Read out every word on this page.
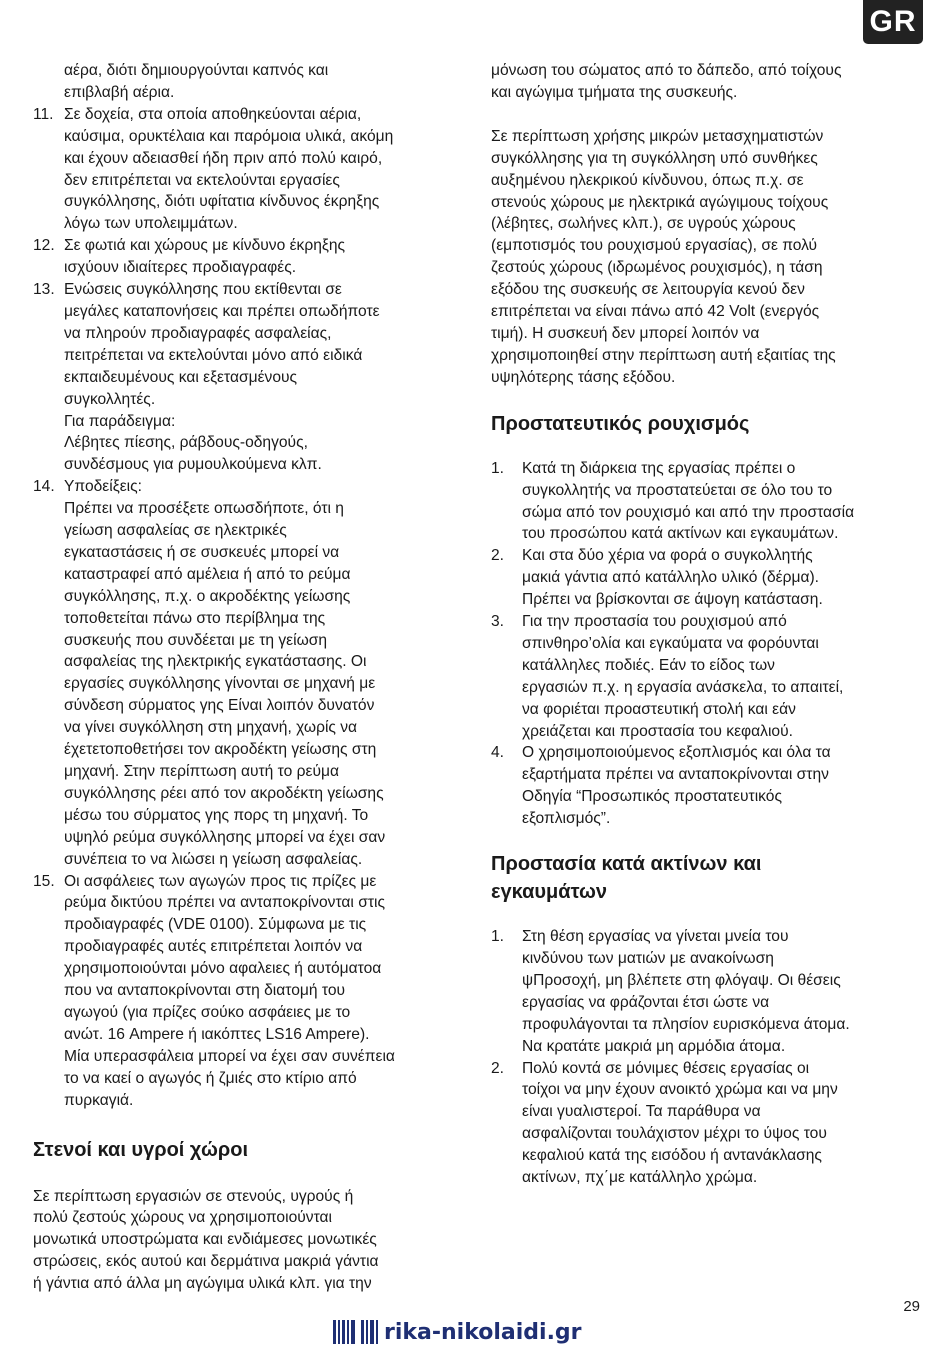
GR
αέρα, διότι δημιουργούνται καπνός και
επιβλαβή αέρια.
11. Σε δοχεία, στα οποία αποθηκεύονται αέρια,
καύσιμα, ορυκτέλαια και παρόμοια υλικά, ακόμη
και έχουν αδειασθεί ήδη πριν από πολύ καιρό,
δεν επιτρέπεται να εκτελούνται εργασίες
συγκόλλησης, διότι υφίτατια κίνδυνος έκρηξης
λόγω των υπολειμμάτων.
12. Σε φωτιά και χώρους με κίνδυνο έκρηξης
ισχύουν ιδιαίτερες προδιαγραφές.
13. Ενώσεις συγκόλλησης που εκτίθενται σε
μεγάλες καταπονήσεις και πρέπει οπωδήποτε
να πληρούν προδιαγραφές ασφαλείας,
πειτρέπεται να εκτελούνται μόνο από ειδικά
εκπαιδευμένους και εξετασμένους
συγκολλητές.
Για παράδειγμα:
Λέβητες πίεσης, ράβδους-οδηγούς,
συνδέσμους για ρυμουλκούμενα κλπ.
14. Υποδείξεις:
Πρέπει να προσέξετε οπωσδήποτε, ότι η
γείωση ασφαλείας σε ηλεκτρικές
εγκαταστάσεις ή σε συσκευές μπορεί να
καταστραφεί από αμέλεια ή από το ρεύμα
συγκόλλησης, π.χ. ο ακροδέκτης γείωσης
τοποθετείται πάνω στο περίβλημα της
συσκευής που συνδέεται με τη γείωση
ασφαλείας της ηλεκτρικής εγκατάστασης. Οι
εργασίες συγκόλλησης γίνονται σε μηχανή με
σύνδεση σύρματος γης Είναι λοιπόν δυνατόν
να γίνει συγκόλληση στη μηχανή, χωρίς να
έχετετοποθετήσει τον ακροδέκτη γείωσης στη
μηχανή. Στην περίπτωση αυτή το ρεύμα
συγκόλλησης ρέει από τον ακροδέκτη γείωσης
μέσω του σύρματος γης πορς τη μηχανή. Το
υψηλό ρεύμα συγκόλλησης μπορεί να έχει σαν
συνέπεια το να λιώσει η γείωση ασφαλείας.
15. Οι ασφάλειες των αγωγών προς τις πρίζες με
ρεύμα δικτύου πρέπει να ανταποκρίνονται στις
προδιαγραφές (VDE 0100). Σύμφωνα με τις
προδιαγραφές αυτές επιτρέπεται λοιπόν να
χρησιμοποιούνται μόνο αφαλειες ή αυτόματοα
που να ανταποκρίνονται στη διατομή του
αγωγού (για πρίζες σούκο ασφάειες με το
ανώτ. 16 Ampere ή ιακόπτες LS16 Ampere).
Μία υπερασφάλεια μπορεί να έχει σαν συνέπεια
το να καεί ο αγωγός ή ζμιές στο κτίριο από
πυρκαγιά.
Στενοί και υγροί χώροι
Σε περίπτωση εργασιών σε στενούς, υγρούς ή
πολύ ζεστούς χώρους να χρησιμοποιούνται
μονωτικά υποστρώματα και ενδιάμεσες μονωτικές
στρώσεις, εκός αυτού και δερμάτινα μακριά γάντια
ή γάντια από άλλα μη αγώγιμα υλικά κλπ. για την
μόνωση του σώματος από το δάπεδο, από τοίχους
και αγώγιμα τμήματα της συσκευής.
Σε περίπτωση χρήσης μικρών μετασχηματιστών
συγκόλλησης για τη συγκόλληση υπό συνθήκες
αυξημένου ηλεκρικού κίνδυνου, όπως π.χ. σε
στενούς χώρους με ηλεκτρικά αγώγιμους τοίχους
(λέβητες, σωλήνες κλπ.), σε υγρούς χώρους
(εμποτισμός του ρουχισμού εργασίας), σε πολύ
ζεστούς χώρους (ιδρωμένος ρουχισμός), η τάση
εξόδου της συσκευής σε λειτουργία κενού δεν
επιτρέπεται να είναι πάνω από 42 Volt (ενεργός
τιμή). Η συσκευή δεν μπορεί λοιπόν να
χρησιμοποιηθεί στην περίπτωση αυτή εξαιτίας της
υψηλότερης τάσης εξόδου.
Προστατευτικός ρουχισμός
1. Κατά τη διάρκεια της εργασίας πρέπει ο
συγκολλητής να προστατεύεται σε όλο του το
σώμα από τον ρουχισμό και από την προστασία
του προσώπου κατά ακτίνων και εγκαυμάτων.
2. Και στα δύο χέρια να φορά ο συγκολλητής
μακιά γάντια από κατάλληλο υλικό (δέρμα).
Πρέπει να βρίσκονται σε άψογη κατάσταση.
3. Για την προστασία του ρουχισμού από
σπινθηρο’ολία και εγκαύματα να φορόυνται
κατάλληλες ποδιές. Εάν το είδος των
εργασιών π.χ. η εργασία ανάσκελα, το απαιτεί,
να φοριέται προαστευτική στολή και εάν
χρειάζεται και προστασία του κεφαλιού.
4. Ο χρησιμοποιούμενος εξοπλισμός και όλα τα
εξαρτήματα πρέπει να ανταποκρίνονται στην
Οδηγία “Προσωπικός προστατευτικός
εξοπλισμός”.
Προστασία κατά ακτίνων και
εγκαυμάτων
1. Στη θέση εργασίας να γίνεται μνεία του
κινδύνου των ματιών με ανακοίνωση
ψΠροσοχή, μη βλέπετε στη φλόγαψ. Οι θέσεις
εργασίας να φράζονται έτσι ώστε να
προφυλάγονται τα πλησίον ευρισκόμενα άτομα.
Να κρατάτε μακριά μη αρμόδια άτομα.
2. Πολύ κοντά σε μόνιμες θέσεις εργασίας οι
τοίχοι να μην έχουν ανοικτό χρώμα και να μην
είναι γυαλιστεροί. Τα παράθυρα να
ασφαλίζονται τουλάχιστον μέχρι το ύψος του
κεφαλιού κατά της εισόδου ή αντανάκλασης
ακτίνων, πχ΄με κατάλληλο χρώμα.
29
rika-nikolaidi.gr
